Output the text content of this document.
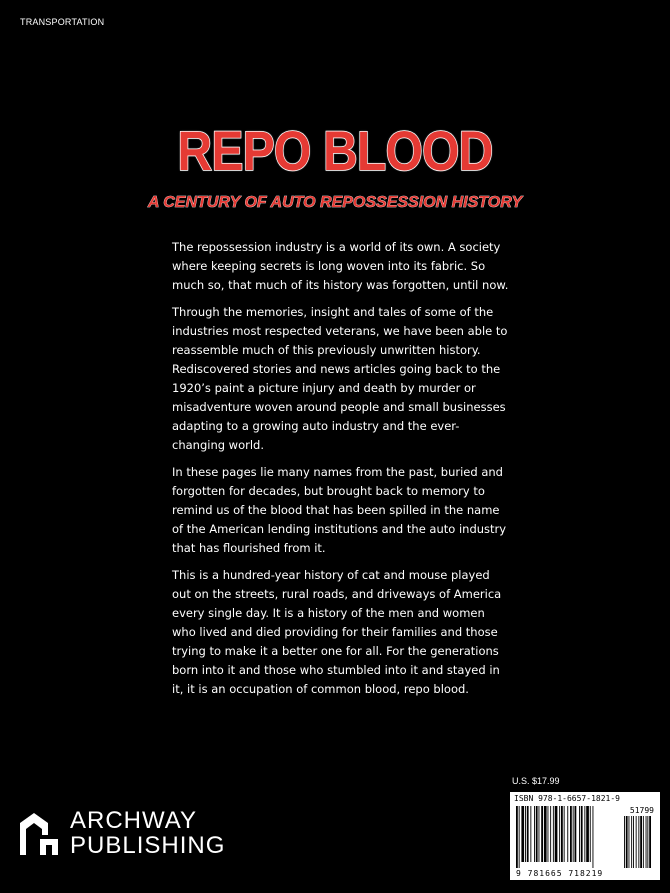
TRANSPORTATION
REPO BLOOD
A CENTURY OF AUTO REPOSSESSION HISTORY

The repossession industry is a world of its own. A society where keeping secrets is long woven into its fabric. So much so, that much of its history was forgotten, until now.

Through the memories, insight and tales of some of the industries most respected veterans, we have been able to reassemble much of this previously unwritten history. Rediscovered stories and news articles going back to the 1920’s paint a picture injury and death by murder or misadventure woven around people and small businesses adapting to a growing auto industry and the ever-changing world.

In these pages lie many names from the past, buried and forgotten for decades, but brought back to memory to remind us of the blood that has been spilled in the name of the American lending institutions and the auto industry that has flourished from it.

This is a hundred-year history of cat and mouse played out on the streets, rural roads, and driveways of America every single day. It is a history of the men and women who lived and died providing for their families and those trying to make it a better one for all. For the generations born into it and those who stumbled into it and stayed in it, it is an occupation of common blood, repo blood.

U.S. $17.99
ISBN 978-1-6657-1821-9
51799
9 781665 718219
ARCHWAY
PUBLISHING
